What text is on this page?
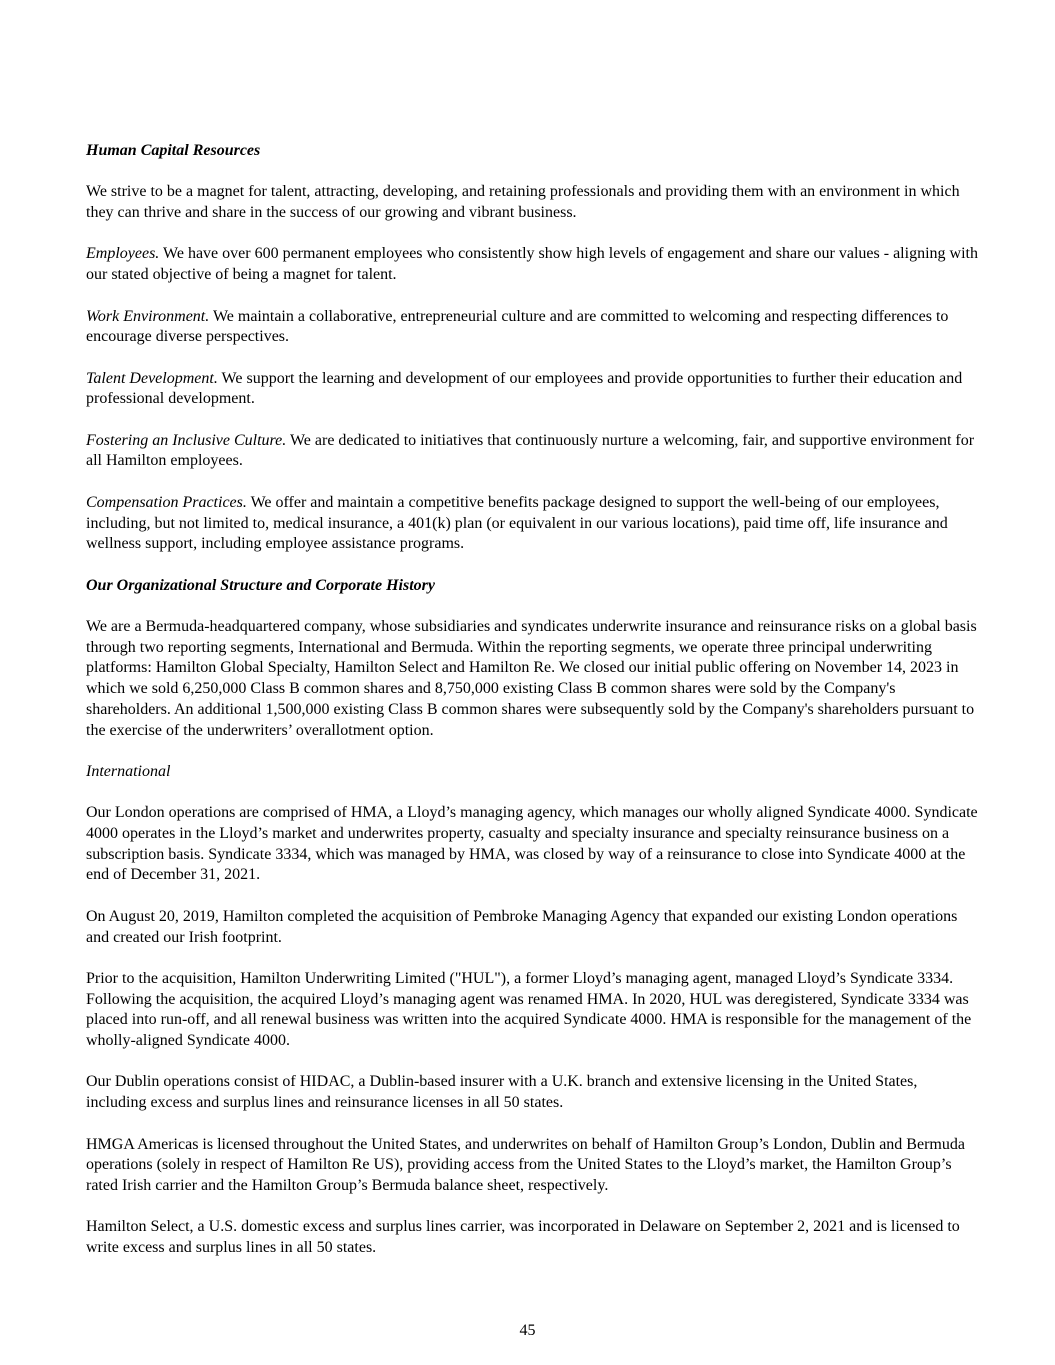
Human Capital Resources

We strive to be a magnet for talent, attracting, developing, and retaining professionals and providing them with an environment in which they can thrive and share in the success of our growing and vibrant business.

Employees. We have over 600 permanent employees who consistently show high levels of engagement and share our values - aligning with our stated objective of being a magnet for talent.

Work Environment. We maintain a collaborative, entrepreneurial culture and are committed to welcoming and respecting differences to encourage diverse perspectives.

Talent Development. We support the learning and development of our employees and provide opportunities to further their education and professional development.

Fostering an Inclusive Culture. We are dedicated to initiatives that continuously nurture a welcoming, fair, and supportive environment for all Hamilton employees.

Compensation Practices. We offer and maintain a competitive benefits package designed to support the well-being of our employees, including, but not limited to, medical insurance, a 401(k) plan (or equivalent in our various locations), paid time off, life insurance and wellness support, including employee assistance programs.

Our Organizational Structure and Corporate History

We are a Bermuda-headquartered company, whose subsidiaries and syndicates underwrite insurance and reinsurance risks on a global basis through two reporting segments, International and Bermuda. Within the reporting segments, we operate three principal underwriting platforms: Hamilton Global Specialty, Hamilton Select and Hamilton Re. We closed our initial public offering on November 14, 2023 in which we sold 6,250,000 Class B common shares and 8,750,000 existing Class B common shares were sold by the Company's shareholders. An additional 1,500,000 existing Class B common shares were subsequently sold by the Company's shareholders pursuant to the exercise of the underwriters’ overallotment option.

International

Our London operations are comprised of HMA, a Lloyd’s managing agency, which manages our wholly aligned Syndicate 4000. Syndicate 4000 operates in the Lloyd’s market and underwrites property, casualty and specialty insurance and specialty reinsurance business on a subscription basis. Syndicate 3334, which was managed by HMA, was closed by way of a reinsurance to close into Syndicate 4000 at the end of December 31, 2021.

On August 20, 2019, Hamilton completed the acquisition of Pembroke Managing Agency that expanded our existing London operations and created our Irish footprint.

Prior to the acquisition, Hamilton Underwriting Limited ("HUL"), a former Lloyd’s managing agent, managed Lloyd’s Syndicate 3334. Following the acquisition, the acquired Lloyd’s managing agent was renamed HMA. In 2020, HUL was deregistered, Syndicate 3334 was placed into run-off, and all renewal business was written into the acquired Syndicate 4000. HMA is responsible for the management of the wholly-aligned Syndicate 4000.

Our Dublin operations consist of HIDAC, a Dublin-based insurer with a U.K. branch and extensive licensing in the United States, including excess and surplus lines and reinsurance licenses in all 50 states.

HMGA Americas is licensed throughout the United States, and underwrites on behalf of Hamilton Group’s London, Dublin and Bermuda operations (solely in respect of Hamilton Re US), providing access from the United States to the Lloyd’s market, the Hamilton Group’s rated Irish carrier and the Hamilton Group’s Bermuda balance sheet, respectively.

Hamilton Select, a U.S. domestic excess and surplus lines carrier, was incorporated in Delaware on September 2, 2021 and is licensed to write excess and surplus lines in all 50 states.

45
